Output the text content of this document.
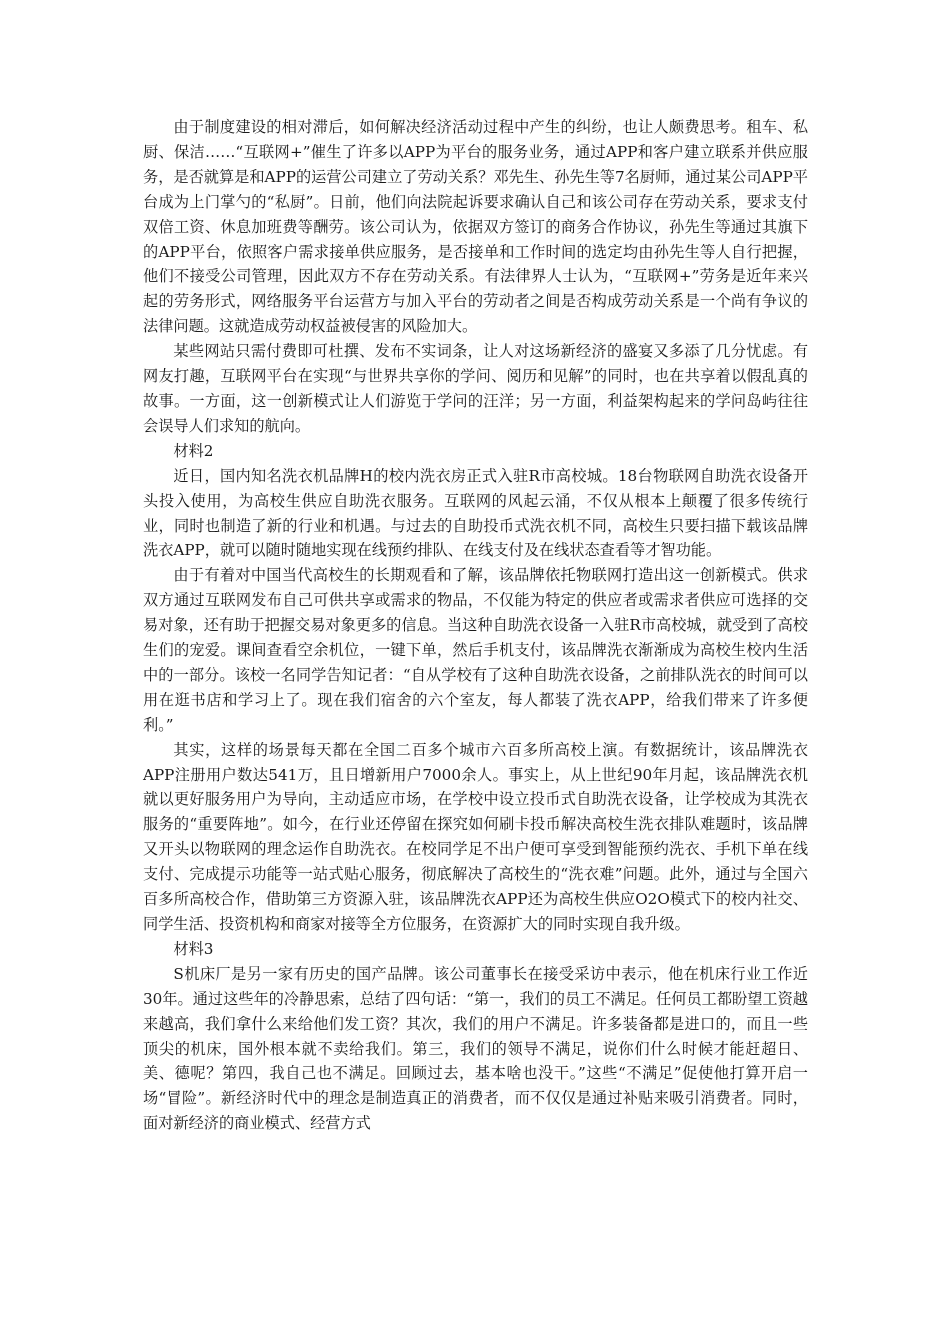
由于制度建设的相对滞后，如何解决经济活动过程中产生的纠纷，也让人颇费思考。租车、私厨、保洁……“互联网+”催生了许多以APP为平台的服务业务，通过APP和客户建立联系并供应服务，是否就算是和APP的运营公司建立了劳动关系？邓先生、孙先生等7名厨师，通过某公司APP平台成为上门掌勺的“私厨”。日前，他们向法院起诉要求确认自己和该公司存在劳动关系，要求支付双倍工资、休息加班费等酬劳。该公司认为，依据双方签订的商务合作协议，孙先生等通过其旗下的APP平台，依照客户需求接单供应服务，是否接单和工作时间的选定均由孙先生等人自行把握，他们不接受公司管理，因此双方不存在劳动关系。有法律界人士认为，“互联网+”劳务是近年来兴起的劳务形式，网络服务平台运营方与加入平台的劳动者之间是否构成劳动关系是一个尚有争议的法律问题。这就造成劳动权益被侵害的风险加大。

某些网站只需付费即可杜撰、发布不实词条，让人对这场新经济的盛宴又多添了几分忧虑。有网友打趣，互联网平台在实现“与世界共享你的学问、阅历和见解”的同时，也在共享着以假乱真的故事。一方面，这一创新模式让人们游览于学问的汪洋；另一方面，利益架构起来的学问岛屿往往会误导人们求知的航向。

材料2

近日，国内知名洗衣机品牌H的校内洗衣房正式入驻R市高校城。18台物联网自助洗衣设备开头投入使用，为高校生供应自助洗衣服务。互联网的风起云涌，不仅从根本上颠覆了很多传统行业，同时也制造了新的行业和机遇。与过去的自助投币式洗衣机不同，高校生只要扫描下载该品牌洗衣APP，就可以随时随地实现在线预约排队、在线支付及在线状态查看等才智功能。

由于有着对中国当代高校生的长期观看和了解，该品牌依托物联网打造出这一创新模式。供求双方通过互联网发布自己可供共享或需求的物品，不仅能为特定的供应者或需求者供应可选择的交易对象，还有助于把握交易对象更多的信息。当这种自助洗衣设备一入驻R市高校城，就受到了高校生们的宠爱。课间查看空余机位，一键下单，然后手机支付，该品牌洗衣渐渐成为高校生校内生活中的一部分。该校一名同学告知记者：“自从学校有了这种自助洗衣设备，之前排队洗衣的时间可以用在逛书店和学习上了。现在我们宿舍的六个室友，每人都装了洗衣APP，给我们带来了许多便利。”

其实，这样的场景每天都在全国二百多个城市六百多所高校上演。有数据统计，该品牌洗衣APP注册用户数达541万，且日增新用户7000余人。事实上，从上世纪90年月起，该品牌洗衣机就以更好服务用户为导向，主动适应市场，在学校中设立投币式自助洗衣设备，让学校成为其洗衣服务的“重要阵地”。如今，在行业还停留在探究如何刷卡投币解决高校生洗衣排队难题时，该品牌又开头以物联网的理念运作自助洗衣。在校同学足不出户便可享受到智能预约洗衣、手机下单在线支付、完成提示功能等一站式贴心服务，彻底解决了高校生的“洗衣难”问题。此外，通过与全国六百多所高校合作，借助第三方资源入驻，该品牌洗衣APP还为高校生供应O2O模式下的校内社交、同学生活、投资机构和商家对接等全方位服务，在资源扩大的同时实现自我升级。

材料3

S机床厂是另一家有历史的国产品牌。该公司董事长在接受采访中表示，他在机床行业工作近30年。通过这些年的冷静思索，总结了四句话：“第一，我们的员工不满足。任何员工都盼望工资越来越高，我们拿什么来给他们发工资？其次，我们的用户不满足。许多装备都是进口的，而且一些顶尖的机床，国外根本就不卖给我们。第三，我们的领导不满足，说你们什么时候才能赶超日、美、德呢？第四，我自己也不满足。回顾过去，基本啥也没干。”这些“不满足”促使他打算开启一场“冒险”。新经济时代中的理念是制造真正的消费者，而不仅仅是通过补贴来吸引消费者。同时，面对新经济的商业模式、经营方式
